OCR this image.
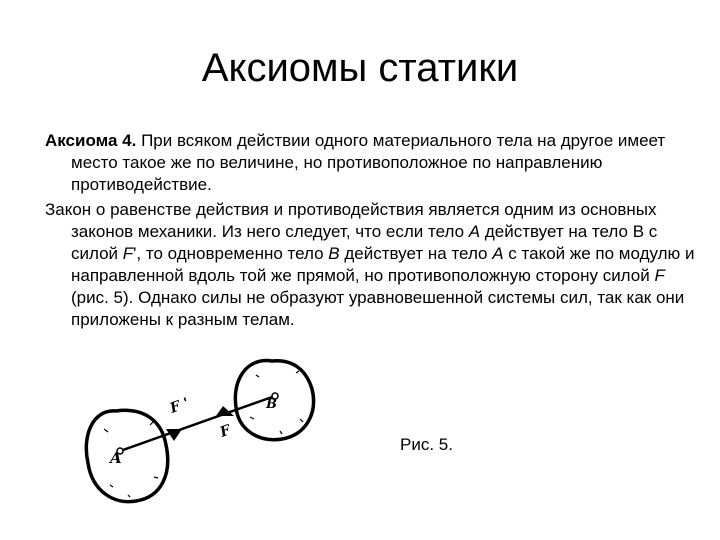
Аксиомы статики

Аксиома 4. При всяком действии одного материального тела на другое имеет место такое же по величине, но противоположное по направлению противодействие.

Закон о равенстве действия и противодействия является одним из основных законов механики. Из него следует, что если тело А действует на тело В с силой F', то одновременно тело В действует на тело А с такой же по модулю и направленной вдоль той же прямой, но противоположную сторону силой F (рис. 5). Однако силы не образуют уравновешенной системы сил, так как они приложены к разным телам.

A
B
F '
F
Рис. 5.
